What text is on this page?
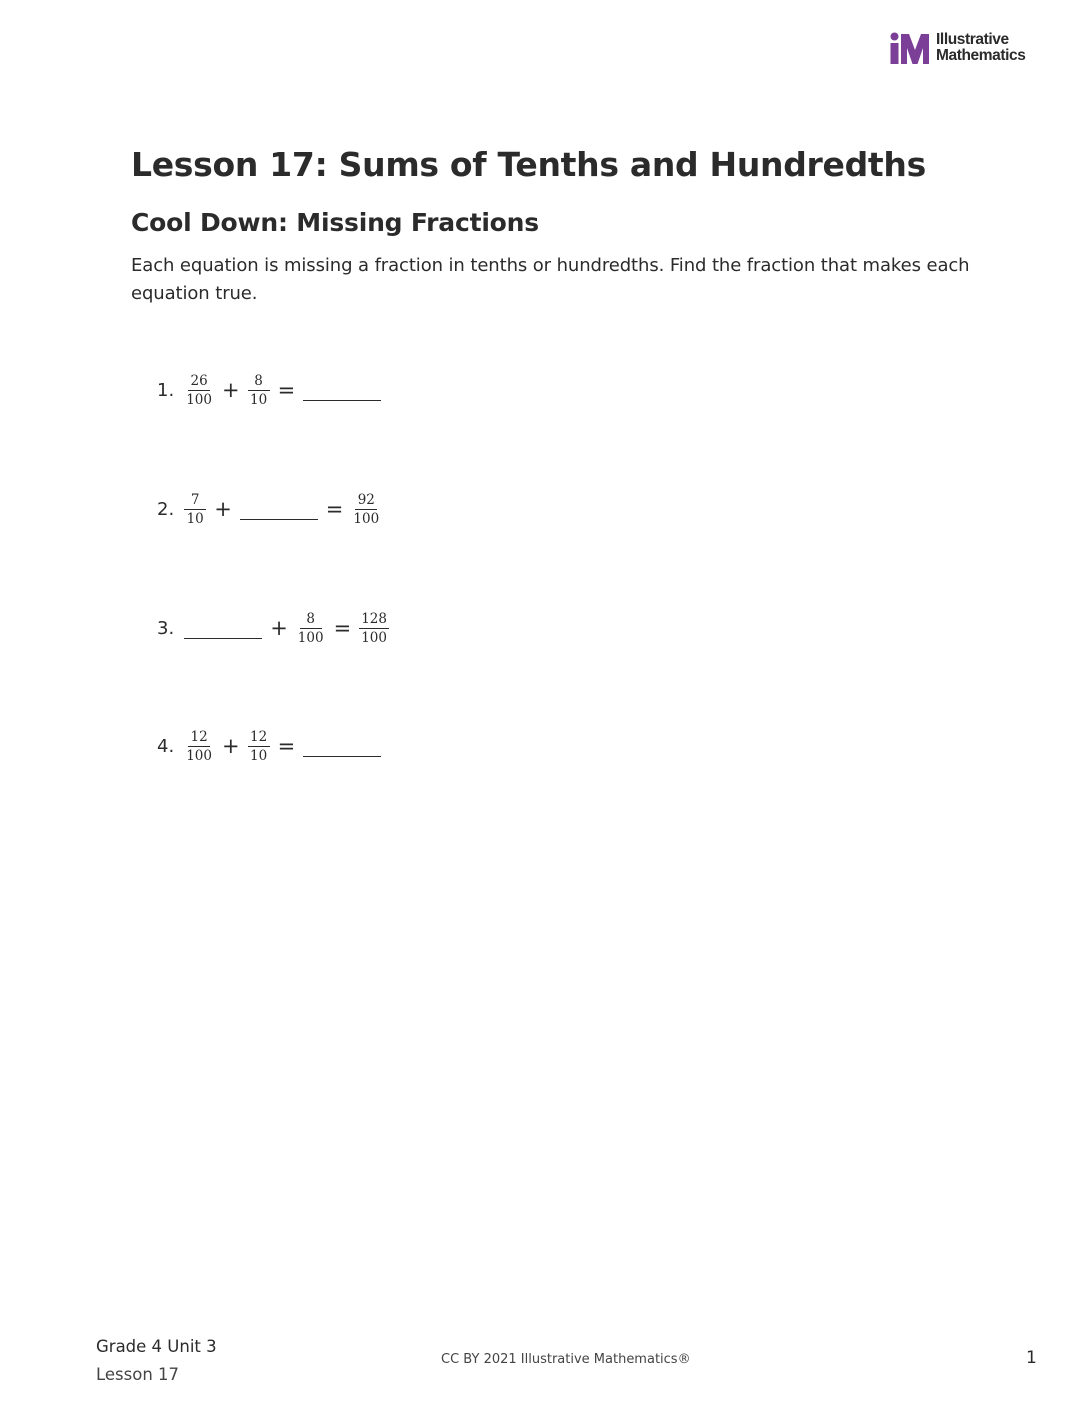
Illustrative
Mathematics
Lesson 17: Sums of Tenths and Hundredths
Cool Down: Missing Fractions

Each equation is missing a fraction in tenths or hundredths. Find the fraction that makes each equation true.

1. $\frac{26}{100} + \frac{8}{10}$ =
2. $\frac{7}{10}$ +	= $\frac{92}{100}$
3.	+ $\frac{8}{100} = \frac{128}{100}$
4. $\frac{12}{100} + \frac{12}{10}$ =
Grade 4 Unit 3
Lesson 17
CC BY 2021 Illustrative Mathematics®	1
